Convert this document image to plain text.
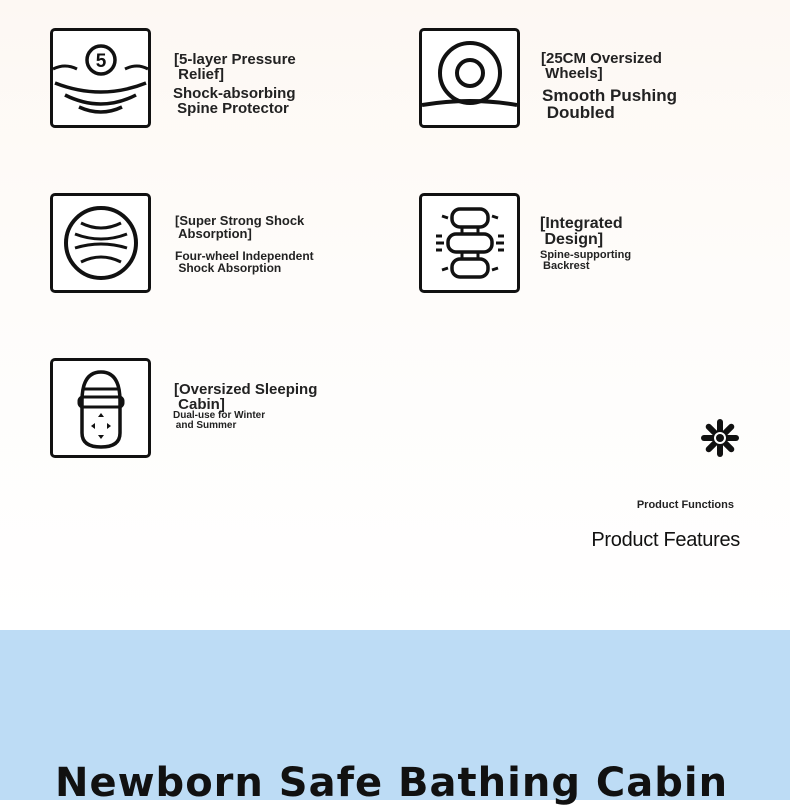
5	[5-layer Pressure
Relief]
Shock-absorbing
Spine Protector
[25CM Oversized
Wheels]
Smooth Pushing
Doubled
[Super Strong Shock
Absorption]
Four-wheel Independent
Shock Absorption
[Integrated
Design]
Spine-supporting
Backrest
[Oversized Sleeping
Cabin]
Dual-use for Winter
and Summer
Product Functions
Product Features
Newborn Safe Bathing Cabin
